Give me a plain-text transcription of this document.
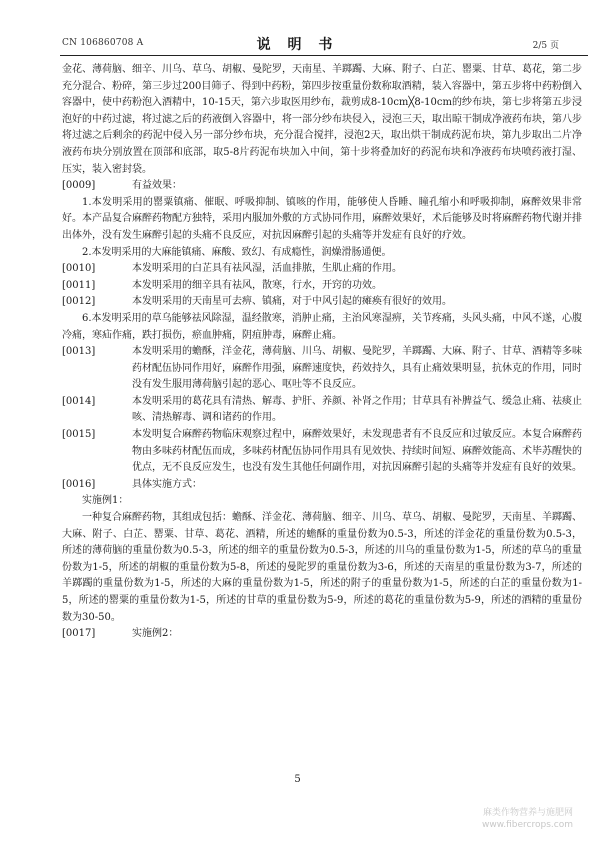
CN 106860708 A	说 明 书	2/5 页

金花、薄荷脑、细辛、川乌、草乌、胡椒、曼陀罗，天南星、羊踯躅、大麻、附子、白芷、罂粟、甘草、葛花，第二步充分混合、粉碎，第三步过200目筛子、得到中药粉，第四步按重量份数称取酒精，装入容器中，第五步将中药粉倒入容器中，使中药粉泡入酒精中，10-15天，第六步取医用纱布，裁剪成8-10cm╳8-10cm的纱布块，第七步将第五步浸泡好的中药过滤，将过滤之后的药液倒入容器中，将一部分纱布块侵入，浸泡三天，取出晾干制成净液药布块，第八步将过滤之后剩余的药泥中侵入另一部分纱布块，充分混合搅拌，浸泡2天，取出烘干制成药泥布块，第九步取出二片净液药布块分别放置在顶部和底部，取5-8片药泥布块加入中间，第十步将叠加好的药泥布块和净液药布块喷药液打湿、压实，装入密封袋。

[0009]	有益效果：

1.本发明采用的罂粟镇痛、催眠、呼吸抑制、镇咳的作用，能够使人昏睡、瞳孔缩小和呼吸抑制，麻醉效果非常好。本产品复合麻醉药物配方独特，采用内服加外敷的方式协同作用，麻醉效果好，术后能够及时将麻醉药物代谢并排出体外，没有发生麻醉引起的头痛不良反应，对抗因麻醉引起的头痛等并发症有良好的疗效。

2.本发明采用的大麻能镇痛、麻酸、致幻、有成瘾性，润燥滑肠通便。

[0010]	本发明采用的白芷具有祛风湿，活血排脓，生肌止痛的作用。
[0011]	本发明采用的细辛具有祛风，散寒，行水，开窍的功效。
[0012]	本发明采用的天南星可去痹、镇痛，对于中风引起的瘫痪有很好的效用。

6.本发明采用的草乌能够祛风除湿，温经散寒，消肿止痛，主治风寒湿痹，关节疼痛，头风头痛，中风不遂，心腹冷痛，寒疝作痛，跌打损伤，瘀血肿痛，阴疽肿毒，麻醉止痛。

[0013]	本发明采用的蟾酥，洋金花，薄荷脑、川乌、胡椒、曼陀罗，羊踯躅、大麻、附子、甘草、酒精等多味药材配伍协同作用好，麻醉作用强，麻醉速度快，药效持久，具有止痛效果明显，抗休克的作用，同时没有发生服用薄荷脑引起的恶心、呕吐等不良反应。
[0014]	本发明采用的葛花具有清热、解毒、护肝、养颜、补肾之作用；甘草具有补脾益气、缓急止痛、祛痰止咳、清热解毒、调和诸药的作用。
[0015]	本发明复合麻醉药物临床观察过程中，麻醉效果好，未发现患者有不良反应和过敏反应。本复合麻醉药物由多味药材配伍而成，多味药材配伍协同作用具有见效快、持续时间短、麻醉效能高、术毕苏醒快的优点，无不良反应发生，也没有发生其他任何副作用，对抗因麻醉引起的头痛等并发症有良好的效果。
[0016]	具体实施方式：

实施例1：

一种复合麻醉药物，其组成包括：蟾酥、洋金花、薄荷脑、细辛、川乌、草乌、胡椒、曼陀罗，天南星、羊踯躅、大麻、附子、白芷、罂粟、甘草、葛花、酒精，所述的蟾酥的重量份数为0.5-3，所述的洋金花的重量份数为0.5-3，所述的薄荷脑的重量份数为0.5-3，所述的细辛的重量份数为0.5-3，所述的川乌的重量份数为1-5，所述的草乌的重量份数为1-5，所述的胡椒的重量份数为5-8，所述的曼陀罗的重量份数为3-6，所述的天南星的重量份数为3-7，所述的羊踯躅的重量份数为1-5，所述的大麻的重量份数为1-5，所述的附子的重量份数为1-5，所述的白芷的重量份数为1-5，所述的罂粟的重量份数为1-5，所述的甘草的重量份数为5-9，所述的葛花的重量份数为5-9，所述的酒精的重量份数为30-50。

[0017]	实施例2：
5
麻类作物营养与施肥网
www.fibercrops.com
